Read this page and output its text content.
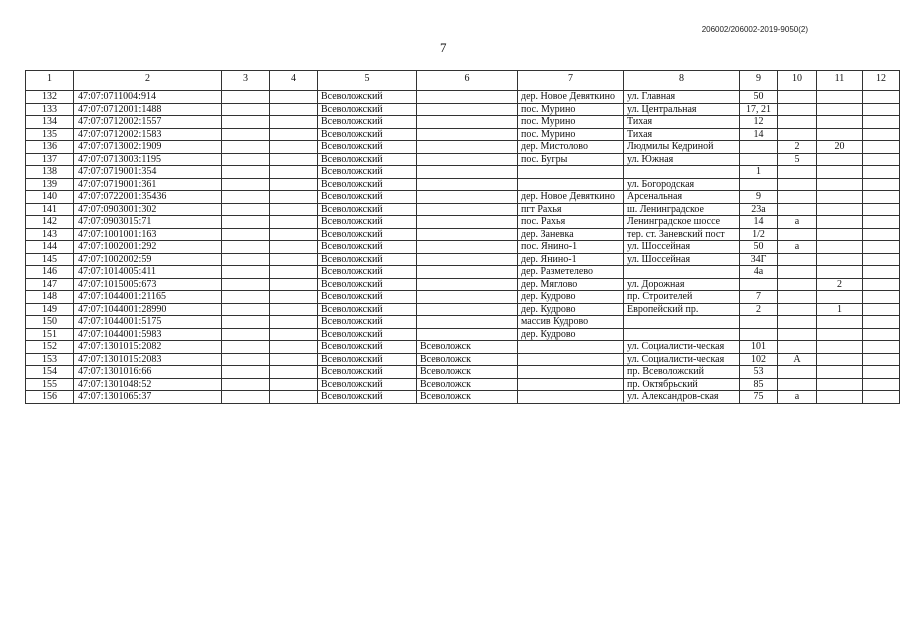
206002/206002-2019-9050(2)
7
1	2	3	4	5	6	7	8	9	10	11	12
132	47:07:0711004:914			Всеволожский		дер. Новое Девяткино	ул. Главная	50			
133	47:07:0712001:1488			Всеволожский		пос. Мурино	ул. Центральная	17, 21			
134	47:07:0712002:1557			Всеволожский		пос. Мурино	Тихая	12			
135	47:07:0712002:1583			Всеволожский		пос. Мурино	Тихая	14			
136	47:07:0713002:1909			Всеволожский		дер. Мистолово	Людмилы Кедриной		2	20	
137	47:07:0713003:1195			Всеволожский		пос. Бугры	ул. Южная		5		
138	47:07:0719001:354			Всеволожский				1			
139	47:07:0719001:361			Всеволожский			ул. Богородская				
140	47:07:0722001:35436			Всеволожский		дер. Новое Девяткино	Арсенальная	9			
141	47:07:0903001:302			Всеволожский		пгт Рахья	ш. Ленинградское	23а			
142	47:07:0903015:71			Всеволожский		пос. Рахья	Ленинградское шоссе	14	а		
143	47:07:1001001:163			Всеволожский		дер. Заневка	тер. ст. Заневский пост	1/2			
144	47:07:1002001:292			Всеволожский		пос. Янино-1	ул. Шоссейная	50	а		
145	47:07:1002002:59			Всеволожский		дер. Янино-1	ул. Шоссейная	34Г			
146	47:07:1014005:411			Всеволожский		дер. Разметелево		4а			
147	47:07:1015005:673			Всеволожский		дер. Мяглово	ул. Дорожная			2	
148	47:07:1044001:21165			Всеволожский		дер. Кудрово	пр. Строителей	7			
149	47:07:1044001:28990			Всеволожский		дер. Кудрово	Европейский пр.	2		1	
150	47:07:1044001:5175			Всеволожский		массив Кудрово					
151	47:07:1044001:5983			Всеволожский		дер. Кудрово					
152	47:07:1301015:2082			Всеволожский	Всеволожск		ул. Социалисти-ческая	101			
153	47:07:1301015:2083			Всеволожский	Всеволожск		ул. Социалисти-ческая	102	А		
154	47:07:1301016:66			Всеволожский	Всеволожск		пр. Всеволожский	53			
155	47:07:1301048:52			Всеволожский	Всеволожск		пр. Октябрьский	85			
156	47:07:1301065:37			Всеволожский	Всеволожск		ул. Александров-ская	75	а		
